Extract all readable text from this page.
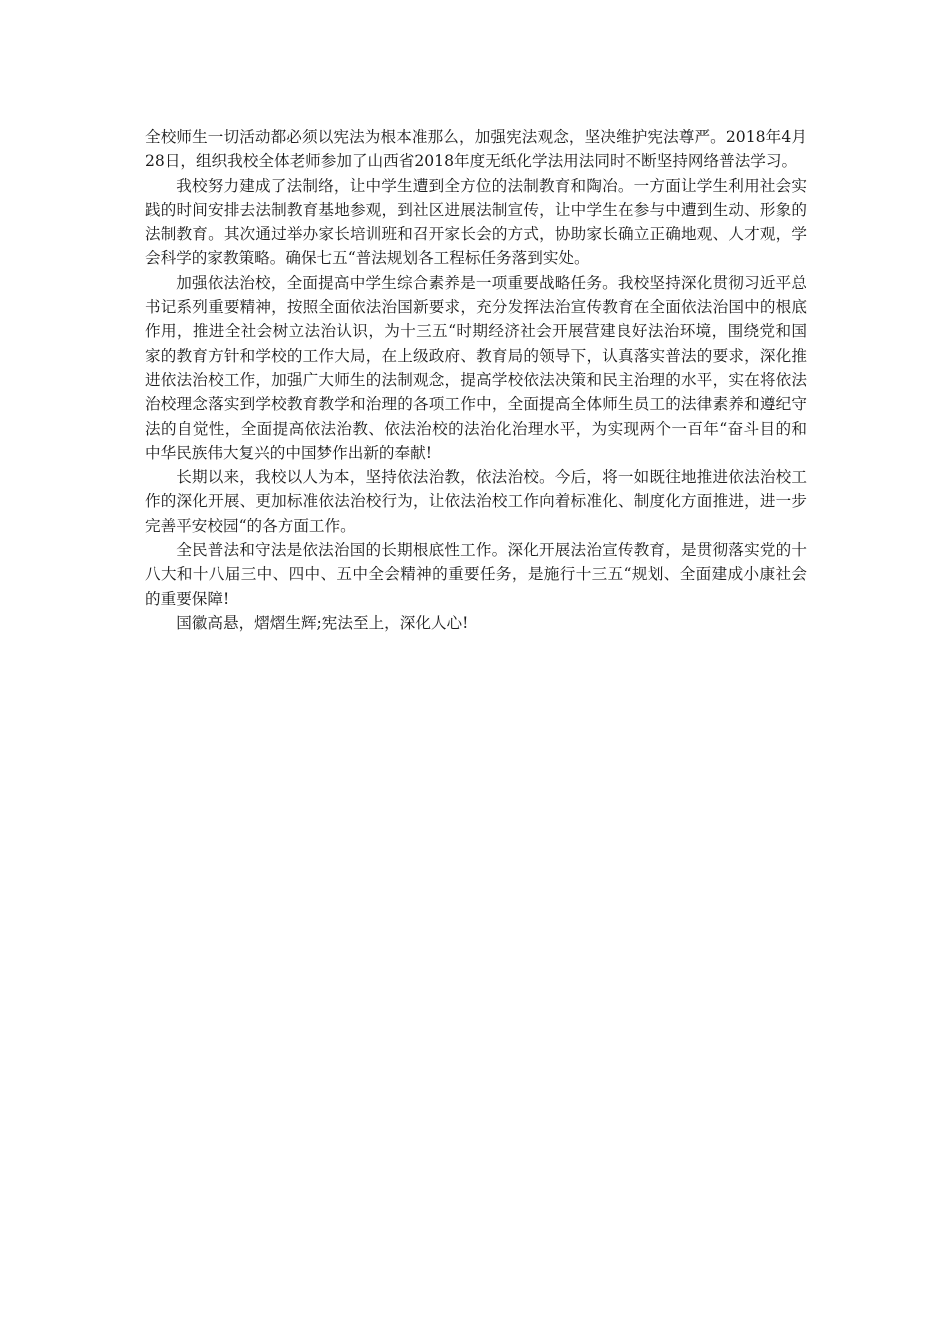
全校师生一切活动都必须以宪法为根本准那么，加强宪法观念，坚决维护宪法尊严。2018年4月28日，组织我校全体老师参加了山西省2018年度无纸化学法用法同时不断坚持网络普法学习。

我校努力建成了法制络，让中学生遭到全方位的法制教育和陶冶。一方面让学生利用社会实践的时间安排去法制教育基地参观，到社区进展法制宣传，让中学生在参与中遭到生动、形象的法制教育。其次通过举办家长培训班和召开家长会的方式，协助家长确立正确地观、人才观，学会科学的家教策略。确保七五“普法规划各工程标任务落到实处。

加强依法治校，全面提高中学生综合素养是一项重要战略任务。我校坚持深化贯彻习近平总书记系列重要精神，按照全面依法治国新要求，充分发挥法治宣传教育在全面依法治国中的根底作用，推进全社会树立法治认识，为十三五“时期经济社会开展营建良好法治环境，围绕党和国家的教育方针和学校的工作大局，在上级政府、教育局的领导下，认真落实普法的要求，深化推进依法治校工作，加强广大师生的法制观念，提高学校依法决策和民主治理的水平，实在将依法治校理念落实到学校教育教学和治理的各项工作中，全面提高全体师生员工的法律素养和遵纪守法的自觉性，全面提高依法治教、依法治校的法治化治理水平，为实现两个一百年“奋斗目的和中华民族伟大复兴的中国梦作出新的奉献!

长期以来，我校以人为本，坚持依法治教，依法治校。今后，将一如既往地推进依法治校工作的深化开展、更加标准依法治校行为，让依法治校工作向着标准化、制度化方面推进，进一步完善平安校园“的各方面工作。

全民普法和守法是依法治国的长期根底性工作。深化开展法治宣传教育，是贯彻落实党的十八大和十八届三中、四中、五中全会精神的重要任务，是施行十三五“规划、全面建成小康社会的重要保障!

国徽高悬，熠熠生辉;宪法至上，深化人心!
